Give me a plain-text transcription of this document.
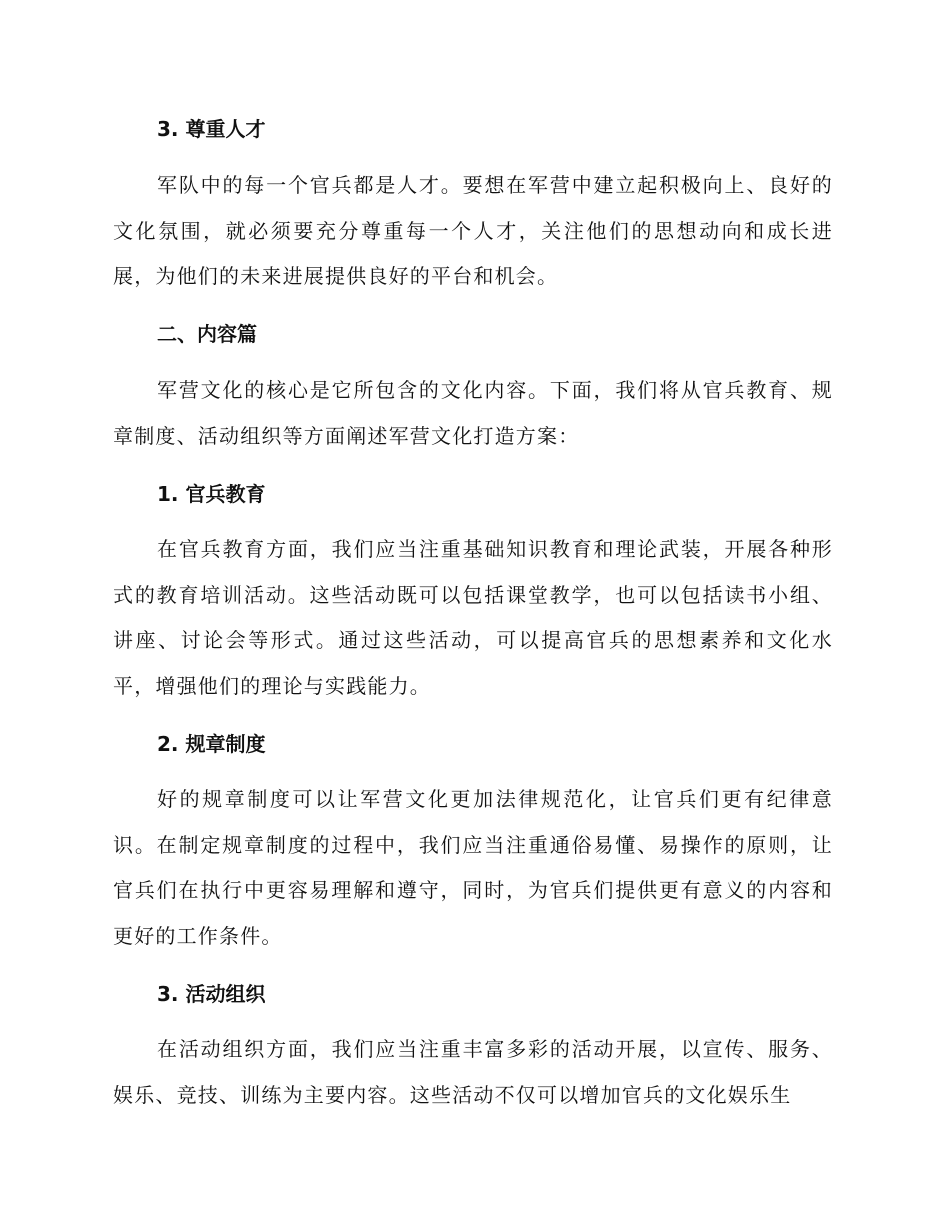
3. 尊重人才
军队中的每一个官兵都是人才。要想在军营中建立起积极向上、良好的文化氛围，就必须要充分尊重每一个人才，关注他们的思想动向和成长进展，为他们的未来进展提供良好的平台和机会。
二、内容篇
军营文化的核心是它所包含的文化内容。下面，我们将从官兵教育、规章制度、活动组织等方面阐述军营文化打造方案：
1. 官兵教育
在官兵教育方面，我们应当注重基础知识教育和理论武装，开展各种形式的教育培训活动。这些活动既可以包括课堂教学，也可以包括读书小组、讲座、讨论会等形式。通过这些活动，可以提高官兵的思想素养和文化水平，增强他们的理论与实践能力。
2. 规章制度
好的规章制度可以让军营文化更加法律规范化，让官兵们更有纪律意识。在制定规章制度的过程中，我们应当注重通俗易懂、易操作的原则，让官兵们在执行中更容易理解和遵守，同时，为官兵们提供更有意义的内容和更好的工作条件。
3. 活动组织
在活动组织方面，我们应当注重丰富多彩的活动开展，以宣传、服务、娱乐、竞技、训练为主要内容。这些活动不仅可以增加官兵的文化娱乐生
